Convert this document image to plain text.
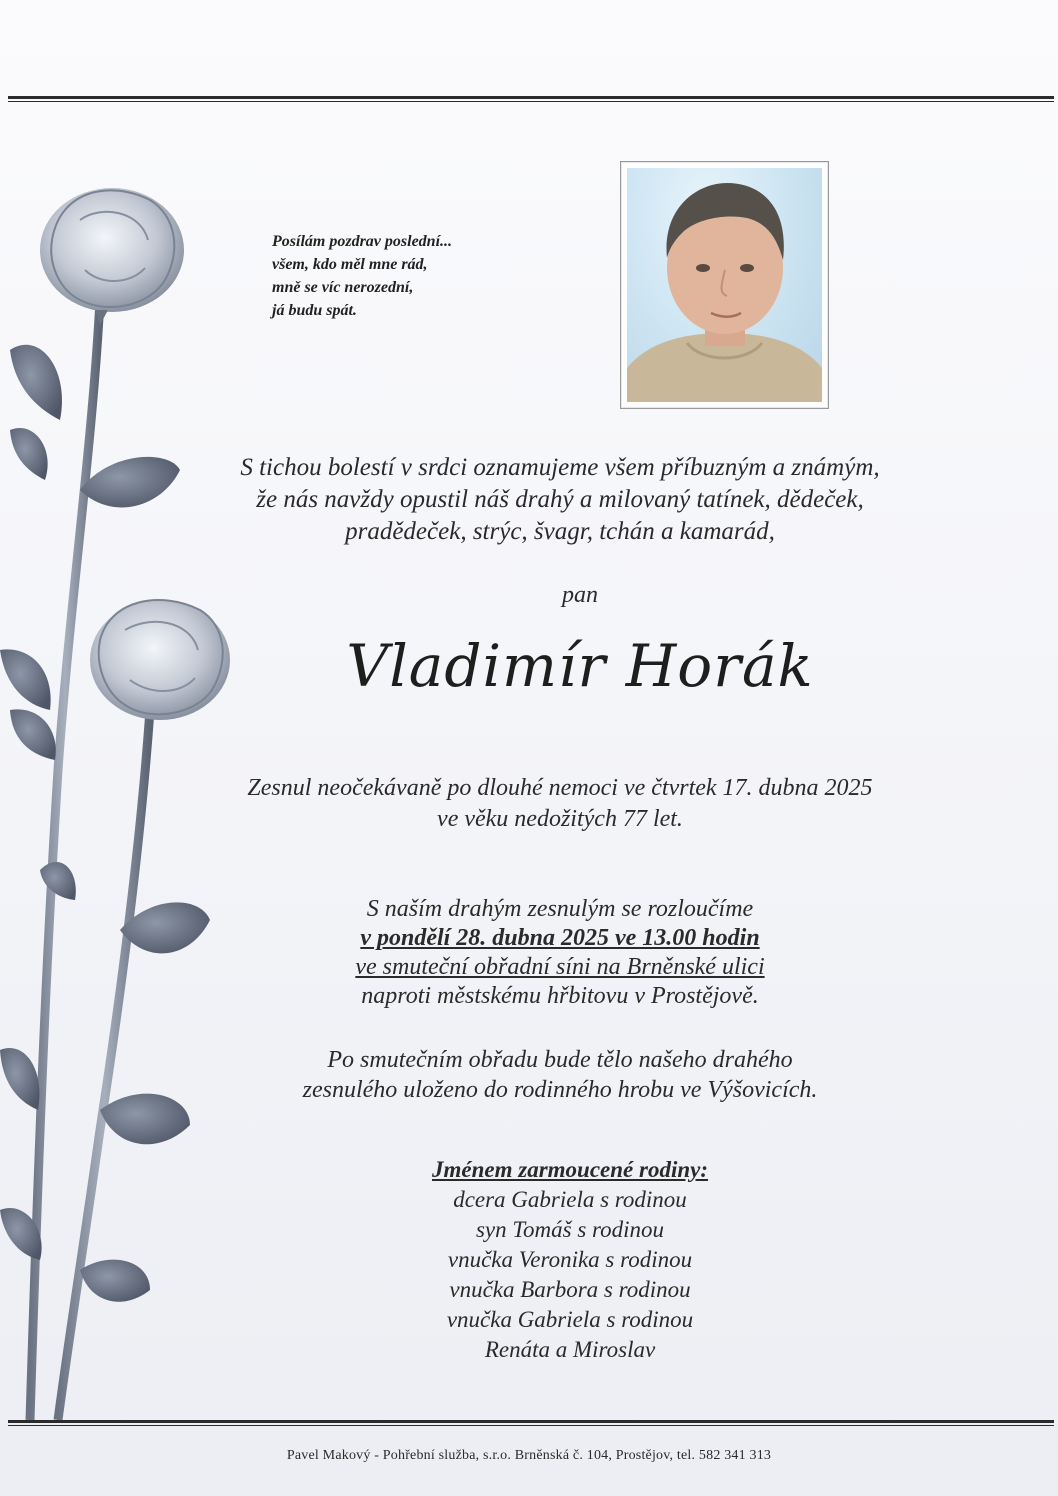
Posílám pozdrav poslední...
všem, kdo měl mne rád,
mně se víc nerozední,
já budu spát.
S tichou bolestí v srdci oznamujeme všem příbuzným a známým,
že nás navždy opustil náš drahý a milovaný tatínek, dědeček,
pradědeček, strýc, švagr, tchán a kamarád,
pan
Vladimír Horák
Zesnul neočekávaně po dlouhé nemoci ve čtvrtek 17. dubna 2025
ve věku nedožitých 77 let.
S naším drahým zesnulým se rozloučíme
v pondělí 28. dubna 2025 ve 13.00 hodin
ve smuteční obřadní síni na Brněnské ulici
naproti městskému hřbitovu v Prostějově.
Po smutečním obřadu bude tělo našeho drahého
zesnulého uloženo do rodinného hrobu ve Výšovicích.
Jménem zarmoucené rodiny:
dcera Gabriela s rodinou
syn Tomáš s rodinou
vnučka Veronika s rodinou
vnučka Barbora s rodinou
vnučka Gabriela s rodinou
Renáta a Miroslav
Pavel Makový - Pohřební služba, s.r.o. Brněnská č. 104, Prostějov, tel. 582 341 313
